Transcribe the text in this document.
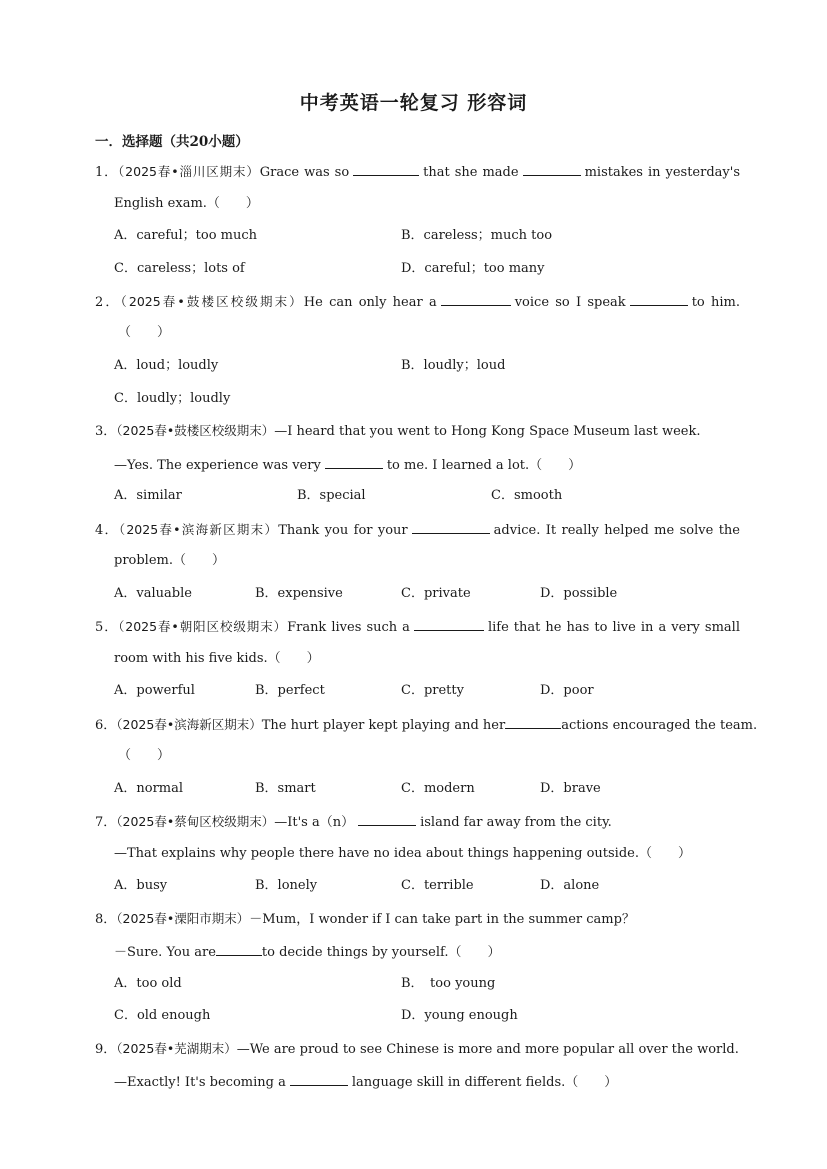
中考英语一轮复习 形容词
一．选择题（共20小题）
1．（2025春•淄川区期末）Grace was so	that she made	mistakes in yesterday's
English exam.（　　）
A．careful；too much	B．careless；much too
C．careless；lots of	D．careful；too many
2．（2025春•鼓楼区校级期末）He can only hear a	voice so I speak	to him.
（　　）
A．loud；loudly	B．loudly；loud
C．loudly；loudly
3．（2025春•鼓楼区校级期末）—I heard that you went to Hong Kong Space Museum last week.
—Yes. The experience was very	to me. I learned a lot.（　　）
A．similar	B．special	C．smooth
4．（2025春•滨海新区期末）Thank you for your	advice. It really helped me solve the
problem.（　　）
A．valuable	B．expensive	C．private	D．possible
5．（2025春•朝阳区校级期末）Frank lives such a	life that he has to live in a very small
room with his five kids.（　　）
A．powerful	B．perfect	C．pretty	D．poor
6．（2025春•滨海新区期末）The hurt player kept playing and her	actions encouraged the team.
（　　）
A．normal	B．smart	C．modern	D．brave
7．（2025春•蔡甸区校级期末）—It's a（n）	island far away from the city.
—That explains why people there have no idea about things happening outside.（　　）
A．busy	B．lonely	C．terrible	D．alone
8．（2025春•溧阳市期末）－Mum，I wonder if I can take part in the summer camp？
－Sure. You are	to decide things by yourself.（　　）
A．too old	B．　too young
C．old enough	D．young enough
9．（2025春•芜湖期末）—We are proud to see Chinese is more and more popular all over the world.
—Exactly! It's becoming a	language skill in different fields.（　　）
